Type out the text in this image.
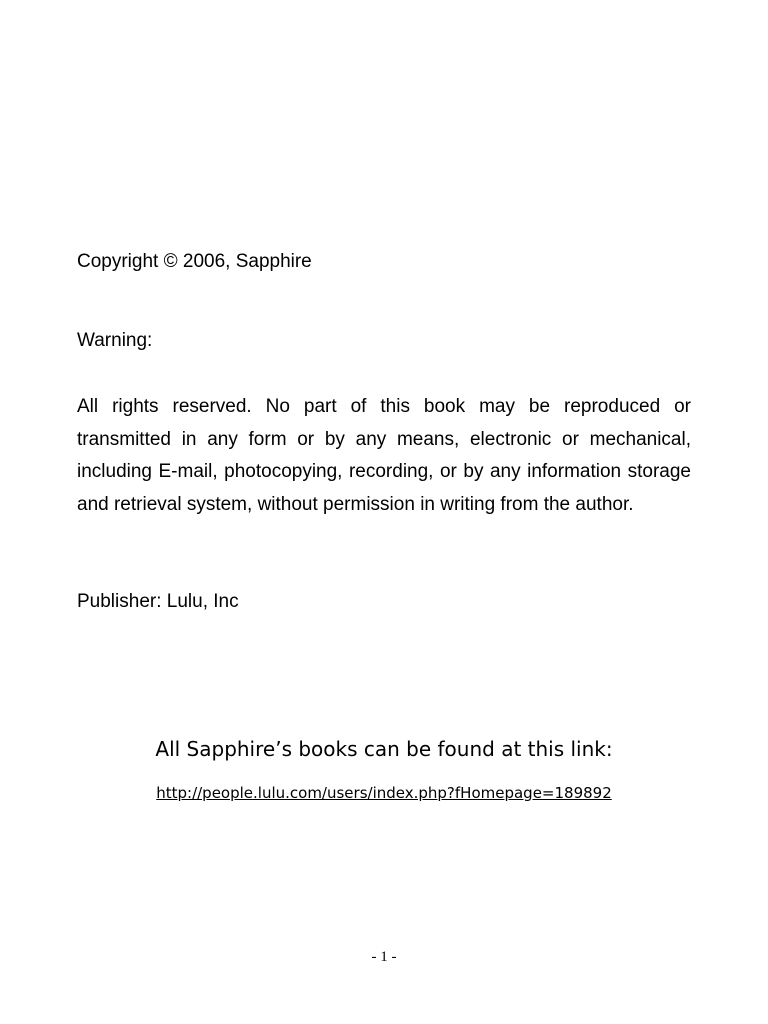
Copyright © 2006, Sapphire

Warning:

All rights reserved. No part of this book may be reproduced or transmitted in any form or by any means, electronic or mechanical, including E-mail, photocopying, recording, or by any information storage and retrieval system, without permission in writing from the author.

Publisher: Lulu, Inc

All Sapphire’s books can be found at this link:

http://people.lulu.com/users/index.php?fHomepage=189892

- 1 -
